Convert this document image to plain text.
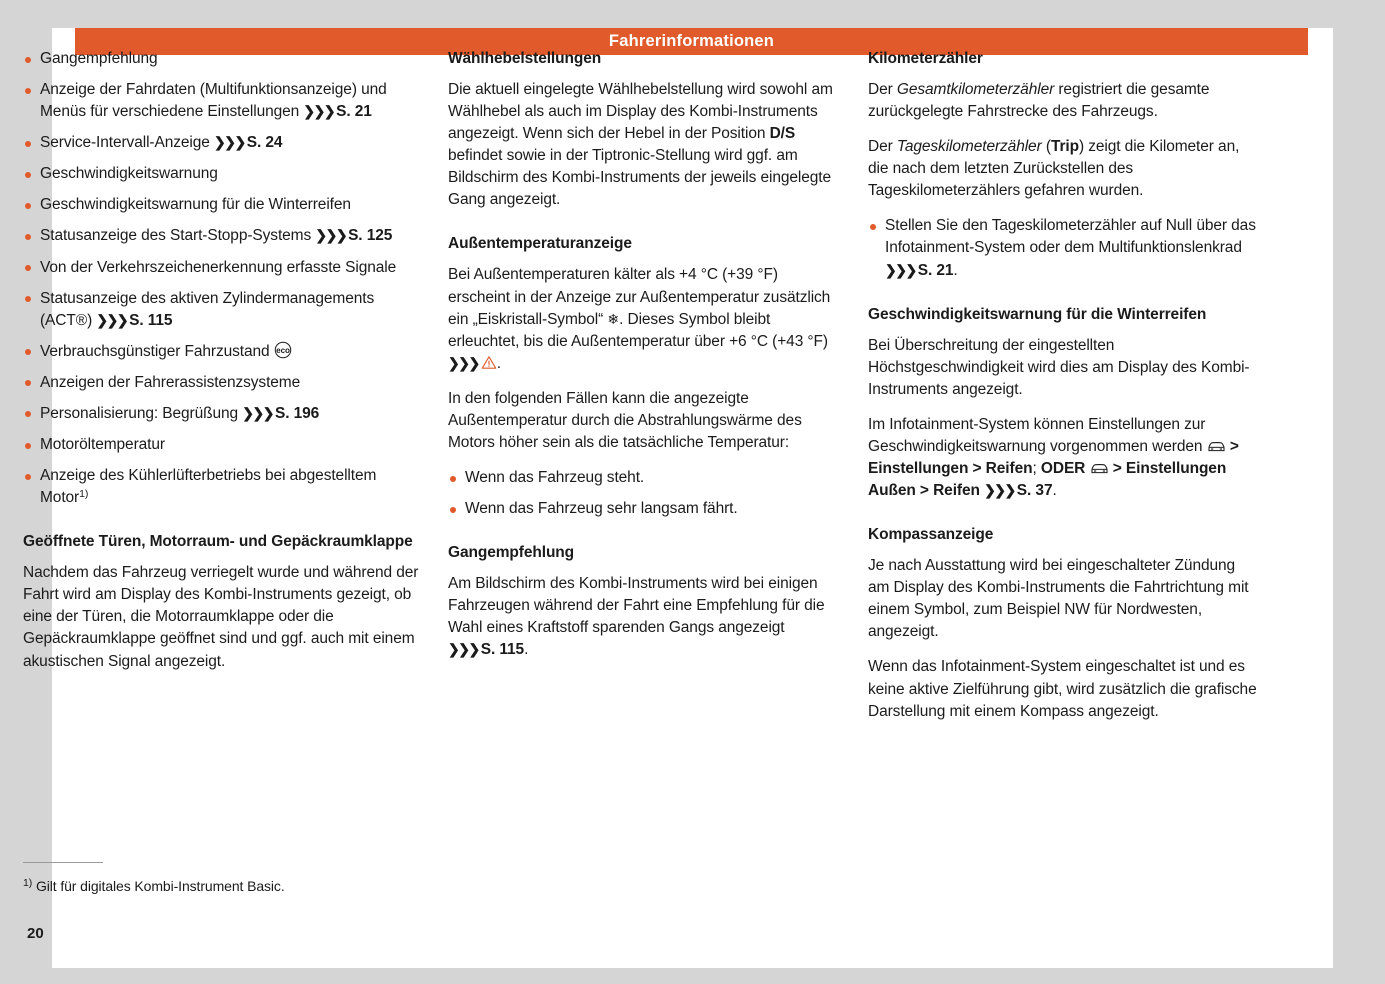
Fahrerinformationen
20
Gangempfehlung
Anzeige der Fahrdaten (Multifunktionsanzeige) und Menüs für verschiedene Einstellungen ❯❯❯ S. 21
Service-Intervall-Anzeige ❯❯❯ S. 24
Geschwindigkeitswarnung
Geschwindigkeitswarnung für die Winterreifen
Statusanzeige des Start-Stopp-Systems ❯❯❯ S. 125
Von der Verkehrszeichenerkennung erfasste Signale
Statusanzeige des aktiven Zylindermanagements (ACT®) ❯❯❯ S. 115
Verbrauchsgünstiger Fahrzustand eco
Anzeigen der Fahrerassistenzsysteme
Personalisierung: Begrüßung ❯❯❯ S. 196
Motoröltemperatur
Anzeige des Kühlerlüfterbetriebs bei abgestelltem Motor$^{1)}$
Geöffnete Türen, Motorraum- und Gepäckraumklappe

Nachdem das Fahrzeug verriegelt wurde und während der Fahrt wird am Display des Kombi-Instruments gezeigt, ob eine der Türen, die Motorraumklappe oder die Gepäckraumklappe geöffnet sind und ggf. auch mit einem akustischen Signal angezeigt.

Wählhebelstellungen

Die aktuell eingelegte Wählhebelstellung wird sowohl am Wählhebel als auch im Display des Kombi-Instruments angezeigt. Wenn sich der Hebel in der Position D/S befindet sowie in der Tiptronic-Stellung wird ggf. am Bildschirm des Kombi-Instruments der jeweils eingelegte Gang angezeigt.

Außentemperaturanzeige

Bei Außentemperaturen kälter als +4 °C (+39 °F) erscheint in der Anzeige zur Außentemperatur zusätzlich ein „Eiskristall-Symbol“ ❄. Dieses Symbol bleibt erleuchtet, bis die Außentemperatur über +6 °C (+43 °F) ❯❯❯ .

In den folgenden Fällen kann die angezeigte Außentemperatur durch die Abstrahlungswärme des Motors höher sein als die tatsächliche Temperatur:

Wenn das Fahrzeug steht.
Wenn das Fahrzeug sehr langsam fährt.
Gangempfehlung

Am Bildschirm des Kombi-Instruments wird bei einigen Fahrzeugen während der Fahrt eine Empfehlung für die Wahl eines Kraftstoff sparenden Gangs angezeigt ❯❯❯ S. 115.

Kilometerzähler

Der Gesamtkilometerzähler registriert die gesamte zurückgelegte Fahrstrecke des Fahrzeugs.

Der Tageskilometerzähler (Trip) zeigt die Kilometer an, die nach dem letzten Zurückstellen des Tageskilometerzählers gefahren wurden.

Stellen Sie den Tageskilometerzähler auf Null über das Infotainment-System oder dem Multifunktionslenkrad ❯❯❯ S. 21.
Geschwindigkeitswarnung für die Winterreifen

Bei Überschreitung der eingestellten Höchstgeschwindigkeit wird dies am Display des Kombi-Instruments angezeigt.

Im Infotainment-System können Einstellungen zur Geschwindigkeitswarnung vorgenommen werden  > Einstellungen > Reifen; ODER > Einstellungen Außen > Reifen ❯❯❯ S. 37.

Kompassanzeige

Je nach Ausstattung wird bei eingeschalteter Zündung am Display des Kombi-Instruments die Fahrtrichtung mit einem Symbol, zum Beispiel NW für Nordwesten, angezeigt.

Wenn das Infotainment-System eingeschaltet ist und es keine aktive Zielführung gibt, wird zusätzlich die grafische Darstellung mit einem Kompass angezeigt.

$^{1)}$ Gilt für digitales Kombi-Instrument Basic.
